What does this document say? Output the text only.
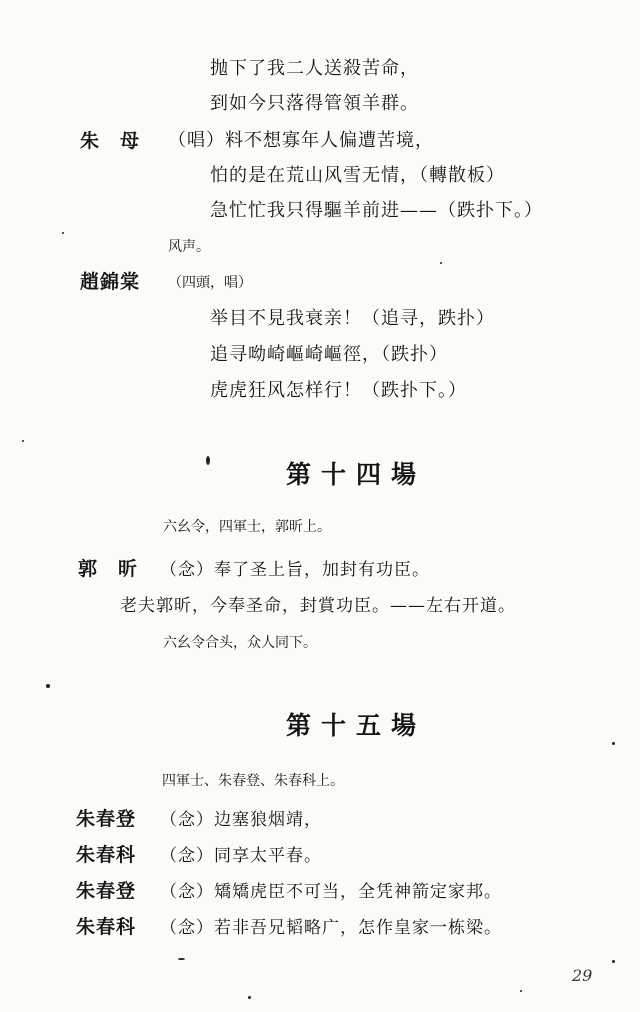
抛下了我二人送殺苦命，
到如今只落得管領羊群。
朱　母 （唱）料不想寡年人偏遭苦境，
怕的是在荒山风雪无情，（轉散板）
急忙忙我只得驅羊前进——（跌扑下。）
风声。
趙錦棠 （四頭，唱）
举目不見我衰亲！（追寻，跌扑）
追寻呦崎嶇崎嶇徑，（跌扑）
虎虎狂风怎样行！（跌扑下。）
第十四場
六幺令，四軍士，郭昕上。
郭　昕 （念）奉了圣上旨，加封有功臣。
老夫郭昕，今奉圣命，封賞功臣。——左右开道。
六幺令合头，众人同下。
第十五場
四軍士、朱春登、朱春科上。
朱春登 （念）边塞狼烟靖，
朱春科 （念）同享太平春。
朱春登 （念）矯矯虎臣不可当，全凭神箭定家邦。
朱春科 （念）若非吾兄韬略广，怎作皇家一栋梁。
29
